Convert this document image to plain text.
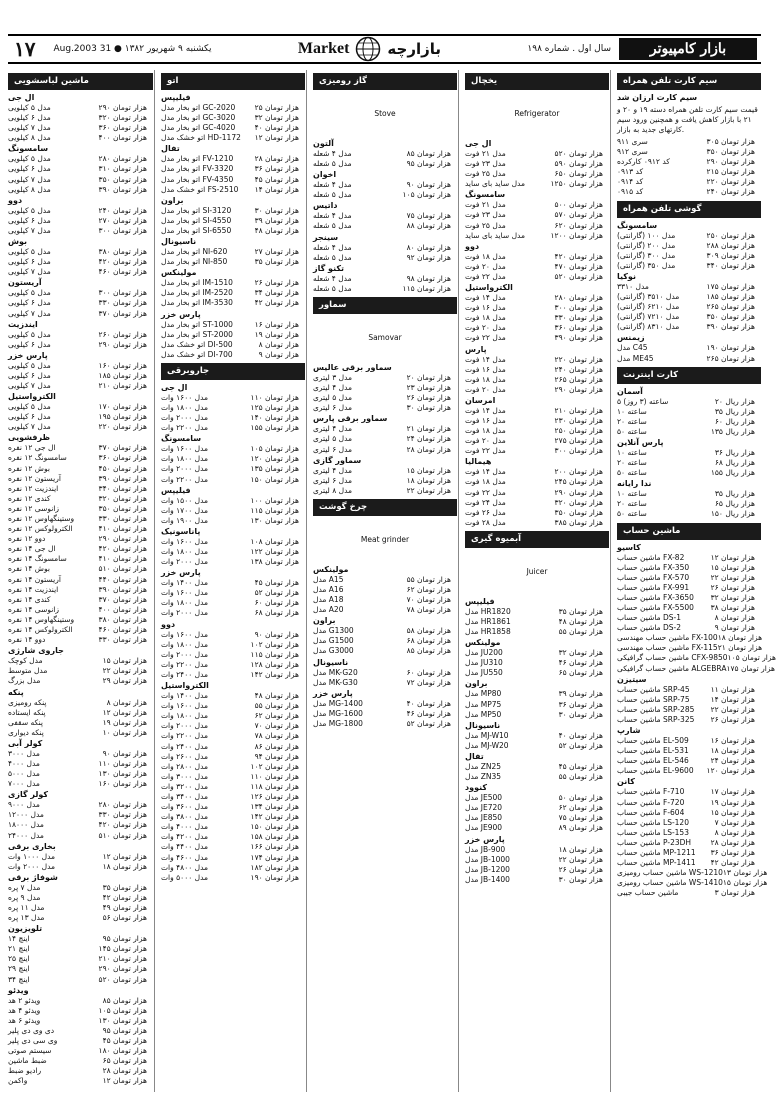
بازار کامپیوتر
سال اول . شماره ۱۹۸
Market	بازارچه
یکشنبه ۹ شهریور ۱۳۸۲ ● 31 Aug.2003
۱۷
سیم کارت تلفن همراه
سیم کارت ارزان شد
قیمت سیم کارت تلفن همراه دسته ۱۹ و ۲۰ و ۲۱ با بازار کاهش یافت و همچنین ورود سیم کارتهای جدید به بازار.
سری ۹۱۱	۳۰۵ هزار تومان
سری ۹۱۲	۳۵۰ هزار تومان
کد ۰۹۱۲ کارکرده	۲۹۰ هزار تومان
کد ۰۹۱۳	۲۱۵ هزار تومان
کد ۰۹۱۴	۲۲۰ هزار تومان
کد ۰۹۱۵	۲۴۰ هزار تومان
گوشی تلفن همراه
سامسونگ
مدل ۱۰۰ (گارانتی)	۲۵۰ هزار تومان
مدل ۲۰۰ (گارانتی)	۲۸۸ هزار تومان
مدل ۳۰۰ (گارانتی)	۳۰۹ هزار تومان
مدل ۳۵۰ (گارانتی)	۳۴۰ هزار تومان
نوکیا
مدل ۳۳۱۰	۱۷۵ هزار تومان
مدل ۳۵۱۰ (گارانتی)	۱۸۵ هزار تومان
مدل ۶۲۱۰ (گارانتی)	۲۶۵ هزار تومان
مدل ۷۲۱۰ (گارانتی)	۳۵۰ هزار تومان
مدل ۸۳۱۰ (گارانتی)	۳۹۰ هزار تومان
زیمنس
مدل C45	۱۹۰ هزار تومان
مدل ME45	۲۶۵ هزار تومان
کارت اینترنت
آسمان
۵ ساعته (۳ روز)	۲۰ هزار ریال
۱۰ ساعته	۳۵ هزار ریال
۲۰ ساعته	۶۰ هزار ریال
۵۰ ساعته	۱۳۵ هزار ریال
پارس آنلاین
۱۰ ساعته	۳۶ هزار ریال
۲۰ ساعته	۶۸ هزار ریال
۵۰ ساعته	۱۵۵ هزار ریال
ندا رایانه
۱۰ ساعته	۳۵ هزار ریال
۲۰ ساعته	۶۵ هزار ریال
۵۰ ساعته	۱۵۰ هزار ریال
ماشین حساب
کاسیو
ماشین حساب FX-82	۱۲ هزار تومان
ماشین حساب FX-350	۱۵ هزار تومان
ماشین حساب FX-570	۲۲ هزار تومان
ماشین حساب FX-991	۲۶ هزار تومان
ماشین حساب FX-3650 ۳۲ هزار تومان
ماشین حساب FX-5500 ۳۸ هزار تومان
ماشین حساب DS-1	۸ هزار تومان
ماشین حساب DS-2	۹ هزار تومان
ماشین حساب مهندسی FX-100 ۱۸ هزار تومان
ماشین حساب مهندسی FX-115 ۲۱ هزار تومان
ماشین حساب گرافیکی CFX-9850 ۱۰۵ هزار تومان
ماشین حساب گرافیکی ALGEBRA ۱۷۵ هزار تومان
سیتیزن
ماشین حساب SRP-45	۱۱ هزار تومان
ماشین حساب SRP-75	۱۴ هزار تومان
ماشین حساب SRP-285 ۲۲ هزار تومان
ماشین حساب SRP-325 ۲۶ هزار تومان
شارپ
ماشین حساب EL-509	۱۶ هزار تومان
ماشین حساب EL-531	۱۸ هزار تومان
ماشین حساب EL-546	۲۴ هزار تومان
ماشین حساب EL-9600 ۱۲۰ هزار تومان
کانن
ماشین حساب F-710	۱۷ هزار تومان
ماشین حساب F-720	۱۹ هزار تومان
ماشین حساب F-604	۱۵ هزار تومان
ماشین حساب LS-120	۷ هزار تومان
ماشین حساب LS-153	۸ هزار تومان
ماشین حساب P-23DH	۲۸ هزار تومان
ماشین حساب MP-1211 ۳۶ هزار تومان
ماشین حساب MP-1411 ۴۲ هزار تومان
ماشین حساب رومیزی WS-1210 ۱۳ هزار تومان
ماشین حساب رومیزی WS-1410 ۱۵ هزار تومان
ماشین حساب جیبی	۳ هزار تومان
یخچال
Refrigerator
ال جی
مدل ۲۱ فوت	۵۲۰ هزار تومان
مدل ۲۳ فوت	۵۹۰ هزار تومان
مدل ۲۵ فوت	۶۵۰ هزار تومان
مدل ساید بای ساید	۱۲۵۰ هزار تومان
سامسونگ
مدل ۲۱ فوت	۵۰۰ هزار تومان
مدل ۲۳ فوت	۵۷۰ هزار تومان
مدل ۲۵ فوت	۶۲۰ هزار تومان
مدل ساید بای ساید	۱۲۰۰ هزار تومان
دوو
مدل ۱۸ فوت	۴۲۰ هزار تومان
مدل ۲۰ فوت	۴۷۰ هزار تومان
مدل ۲۲ فوت	۵۲۰ هزار تومان
الکترواستیل
مدل ۱۴ فوت	۲۸۰ هزار تومان
مدل ۱۶ فوت	۳۰۰ هزار تومان
مدل ۱۸ فوت	۳۳۰ هزار تومان
مدل ۲۰ فوت	۳۶۰ هزار تومان
مدل ۲۲ فوت	۳۹۰ هزار تومان
پارس
مدل ۱۴ فوت	۲۲۰ هزار تومان
مدل ۱۶ فوت	۲۴۰ هزار تومان
مدل ۱۸ فوت	۲۶۵ هزار تومان
مدل ۲۰ فوت	۲۹۰ هزار تومان
امرسان
مدل ۱۴ فوت	۲۱۰ هزار تومان
مدل ۱۶ فوت	۲۳۰ هزار تومان
مدل ۱۸ فوت	۲۵۰ هزار تومان
مدل ۲۰ فوت	۲۷۵ هزار تومان
مدل ۲۲ فوت	۳۰۰ هزار تومان
هیمالیا
مدل ۱۴ فوت	۲۰۰ هزار تومان
مدل ۱۸ فوت	۲۴۵ هزار تومان
مدل ۲۲ فوت	۲۹۰ هزار تومان
مدل ۲۴ فوت	۳۲۰ هزار تومان
مدل ۲۶ فوت	۳۵۰ هزار تومان
مدل ۲۸ فوت	۳۸۵ هزار تومان
آبمیوه گیری
Juicer
فیلیپس
مدل HR1820	۳۵ هزار تومان
مدل HR1861	۴۸ هزار تومان
مدل HR1858	۵۵ هزار تومان
مولینکس
مدل JU200	۳۲ هزار تومان
مدل JU310	۴۶ هزار تومان
مدل JU550	۶۵ هزار تومان
براون
مدل MP80	۳۹ هزار تومان
مدل MP75	۳۶ هزار تومان
مدل MP50	۳۰ هزار تومان
ناسیونال
مدل MJ-W10	۴۰ هزار تومان
مدل MJ-W20	۵۲ هزار تومان
تفال
مدل ZN25	۴۵ هزار تومان
مدل ZN35	۵۵ هزار تومان
کنوود
مدل JE500	۵۰ هزار تومان
مدل JE720	۶۲ هزار تومان
مدل JE850	۷۵ هزار تومان
مدل JE900	۸۹ هزار تومان
پارس خزر
مدل JB-900	۱۸ هزار تومان
مدل JB-1000	۲۲ هزار تومان
مدل JB-1200	۲۶ هزار تومان
مدل JB-1400	۳۰ هزار تومان
گاز رومیزی
Stove
آلتون
مدل ۴ شعله	۸۵ هزار تومان
مدل ۵ شعله	۹۵ هزار تومان
اخوان
مدل ۴ شعله	۹۰ هزار تومان
مدل ۵ شعله	۱۰۵ هزار تومان
داتیس
مدل ۴ شعله	۷۵ هزار تومان
مدل ۵ شعله	۸۸ هزار تومان
سینجر
مدل ۴ شعله	۸۰ هزار تومان
مدل ۵ شعله	۹۲ هزار تومان
تکنو گاز
مدل ۴ شعله	۹۸ هزار تومان
مدل ۵ شعله	۱۱۵ هزار تومان
سماور
Samovar
سماور برقی عالیس
مدل ۳ لیتری	۲۰ هزار تومان
مدل ۴ لیتری	۲۳ هزار تومان
مدل ۵ لیتری	۲۶ هزار تومان
مدل ۶ لیتری	۳۰ هزار تومان
سماور برقی پارس
مدل ۴ لیتری	۲۱ هزار تومان
مدل ۵ لیتری	۲۴ هزار تومان
مدل ۶ لیتری	۲۸ هزار تومان
سماور گازی
مدل ۴ لیتری	۱۵ هزار تومان
مدل ۶ لیتری	۱۸ هزار تومان
مدل ۸ لیتری	۲۲ هزار تومان
چرخ گوشت
Meat grinder
مولینکس
مدل A15	۵۵ هزار تومان
مدل A16	۶۲ هزار تومان
مدل A18	۷۰ هزار تومان
مدل A20	۷۸ هزار تومان
براون
مدل G1300	۵۸ هزار تومان
مدل G1500	۶۸ هزار تومان
مدل G3000	۸۵ هزار تومان
ناسیونال
مدل MK-G20	۶۰ هزار تومان
مدل MK-G30	۷۲ هزار تومان
پارس خزر
مدل MG-1400	۴۰ هزار تومان
مدل MG-1600	۴۶ هزار تومان
مدل MG-1800	۵۲ هزار تومان
اتو
فیلیپس
اتو بخار مدل GC-2020	۲۵ هزار تومان
اتو بخار مدل GC-3020	۳۲ هزار تومان
اتو بخار مدل GC-4020	۴۰ هزار تومان
اتو خشک مدل HD-1172 ۱۲ هزار تومان
تفال
اتو بخار مدل FV-1210	۲۸ هزار تومان
اتو بخار مدل FV-3320	۳۶ هزار تومان
اتو بخار مدل FV-4350	۴۵ هزار تومان
اتو خشک مدل FS-2510 ۱۴ هزار تومان
براون
اتو بخار مدل SI-3120	۳۰ هزار تومان
اتو بخار مدل SI-4550	۳۹ هزار تومان
اتو بخار مدل SI-6550	۴۸ هزار تومان
ناسیونال
اتو بخار مدل NI-620	۲۷ هزار تومان
اتو بخار مدل NI-850	۳۵ هزار تومان
مولینکس
اتو بخار مدل IM-1510	۲۶ هزار تومان
اتو بخار مدل IM-2520	۳۴ هزار تومان
اتو بخار مدل IM-3530	۴۲ هزار تومان
پارس خزر
اتو بخار مدل ST-1000	۱۶ هزار تومان
اتو بخار مدل ST-2000	۱۹ هزار تومان
اتو خشک مدل DI-500	۸ هزار تومان
اتو خشک مدل DI-700	۹ هزار تومان
جاروبرقی
ال جی
مدل ۱۶۰۰ وات	۱۱۰ هزار تومان
مدل ۱۸۰۰ وات	۱۲۵ هزار تومان
مدل ۲۰۰۰ وات	۱۴۰ هزار تومان
مدل ۲۲۰۰ وات	۱۵۵ هزار تومان
سامسونگ
مدل ۱۶۰۰ وات	۱۰۵ هزار تومان
مدل ۱۸۰۰ وات	۱۲۰ هزار تومان
مدل ۲۰۰۰ وات	۱۳۵ هزار تومان
مدل ۲۲۰۰ وات	۱۵۰ هزار تومان
فیلیپس
مدل ۱۵۰۰ وات	۱۰۰ هزار تومان
مدل ۱۷۰۰ وات	۱۱۵ هزار تومان
مدل ۱۹۰۰ وات	۱۳۰ هزار تومان
پاناسونیک
مدل ۱۶۰۰ وات	۱۰۸ هزار تومان
مدل ۱۸۰۰ وات	۱۲۲ هزار تومان
مدل ۲۰۰۰ وات	۱۳۸ هزار تومان
پارس خزر
مدل ۱۴۰۰ وات	۴۵ هزار تومان
مدل ۱۶۰۰ وات	۵۲ هزار تومان
مدل ۱۸۰۰ وات	۶۰ هزار تومان
مدل ۲۰۰۰ وات	۶۸ هزار تومان
دوو
مدل ۱۶۰۰ وات	۹۰ هزار تومان
مدل ۱۸۰۰ وات	۱۰۲ هزار تومان
مدل ۲۰۰۰ وات	۱۱۵ هزار تومان
مدل ۲۲۰۰ وات	۱۲۸ هزار تومان
مدل ۲۴۰۰ وات	۱۴۲ هزار تومان
الکترواستیل
مدل ۱۴۰۰ وات	۴۸ هزار تومان
مدل ۱۶۰۰ وات	۵۵ هزار تومان
مدل ۱۸۰۰ وات	۶۲ هزار تومان
مدل ۲۰۰۰ وات	۷۰ هزار تومان
مدل ۲۲۰۰ وات	۷۸ هزار تومان
مدل ۲۴۰۰ وات	۸۶ هزار تومان
مدل ۲۶۰۰ وات	۹۴ هزار تومان
مدل ۲۸۰۰ وات	۱۰۲ هزار تومان
مدل ۳۰۰۰ وات	۱۱۰ هزار تومان
مدل ۳۲۰۰ وات	۱۱۸ هزار تومان
مدل ۳۴۰۰ وات	۱۲۶ هزار تومان
مدل ۳۶۰۰ وات	۱۳۴ هزار تومان
مدل ۳۸۰۰ وات	۱۴۲ هزار تومان
مدل ۴۰۰۰ وات	۱۵۰ هزار تومان
مدل ۴۲۰۰ وات	۱۵۸ هزار تومان
مدل ۴۴۰۰ وات	۱۶۶ هزار تومان
مدل ۴۶۰۰ وات	۱۷۴ هزار تومان
مدل ۴۸۰۰ وات	۱۸۲ هزار تومان
مدل ۵۰۰۰ وات	۱۹۰ هزار تومان
ماشین لباسشویی
ال جی
مدل ۵ کیلویی	۲۹۰ هزار تومان
مدل ۶ کیلویی	۳۲۰ هزار تومان
مدل ۷ کیلویی	۳۶۰ هزار تومان
مدل ۸ کیلویی	۴۰۰ هزار تومان
سامسونگ
مدل ۵ کیلویی	۲۸۰ هزار تومان
مدل ۶ کیلویی	۳۱۰ هزار تومان
مدل ۷ کیلویی	۳۵۰ هزار تومان
مدل ۸ کیلویی	۳۹۰ هزار تومان
دوو
مدل ۵ کیلویی	۲۴۰ هزار تومان
مدل ۶ کیلویی	۲۷۰ هزار تومان
مدل ۷ کیلویی	۳۰۰ هزار تومان
بوش
مدل ۵ کیلویی	۳۸۰ هزار تومان
مدل ۶ کیلویی	۴۲۰ هزار تومان
مدل ۷ کیلویی	۴۶۰ هزار تومان
آریستون
مدل ۵ کیلویی	۳۰۰ هزار تومان
مدل ۶ کیلویی	۳۳۰ هزار تومان
مدل ۷ کیلویی	۳۷۰ هزار تومان
ایندزیت
مدل ۵ کیلویی	۲۶۰ هزار تومان
مدل ۶ کیلویی	۲۹۰ هزار تومان
پارس خزر
مدل ۵ کیلویی	۱۶۰ هزار تومان
مدل ۶ کیلویی	۱۸۵ هزار تومان
مدل ۷ کیلویی	۲۱۰ هزار تومان
الکترواستیل
مدل ۵ کیلویی	۱۷۰ هزار تومان
مدل ۶ کیلویی	۱۹۵ هزار تومان
مدل ۷ کیلویی	۲۲۰ هزار تومان
ظرفشویی
ال جی ۱۲ نفره	۳۷۰ هزار تومان
سامسونگ ۱۲ نفره	۳۶۰ هزار تومان
بوش ۱۲ نفره	۴۵۰ هزار تومان
آریستون ۱۲ نفره	۳۹۰ هزار تومان
ایندزیت ۱۲ نفره	۳۴۰ هزار تومان
کندی ۱۲ نفره	۳۲۰ هزار تومان
زانوسی ۱۲ نفره	۳۵۰ هزار تومان
وستینگهاوس ۱۲ نفره	۳۳۰ هزار تومان
الکترولوکس ۱۲ نفره	۴۱۰ هزار تومان
دوو ۱۲ نفره	۲۹۰ هزار تومان
ال جی ۱۴ نفره	۴۲۰ هزار تومان
سامسونگ ۱۴ نفره	۴۱۰ هزار تومان
بوش ۱۴ نفره	۵۱۰ هزار تومان
آریستون ۱۴ نفره	۴۴۰ هزار تومان
ایندزیت ۱۴ نفره	۳۹۰ هزار تومان
کندی ۱۴ نفره	۳۷۰ هزار تومان
زانوسی ۱۴ نفره	۴۰۰ هزار تومان
وستینگهاوس ۱۴ نفره	۳۸۰ هزار تومان
الکترولوکس ۱۴ نفره	۴۶۰ هزار تومان
دوو ۱۴ نفره	۳۳۰ هزار تومان
جاروی شارژی
مدل کوچک	۱۵ هزار تومان
مدل متوسط	۲۲ هزار تومان
مدل بزرگ	۲۹ هزار تومان
پنکه
پنکه رومیزی	۸ هزار تومان
پنکه ایستاده	۱۲ هزار تومان
پنکه سقفی	۱۹ هزار تومان
پنکه دیواری	۱۰ هزار تومان
کولر آبی
مدل ۳۰۰۰	۹۰ هزار تومان
مدل ۴۰۰۰	۱۱۰ هزار تومان
مدل ۵۰۰۰	۱۳۰ هزار تومان
مدل ۷۰۰۰	۱۶۰ هزار تومان
کولر گازی
مدل ۹۰۰۰	۲۸۰ هزار تومان
مدل ۱۲۰۰۰	۳۳۰ هزار تومان
مدل ۱۸۰۰۰	۴۲۰ هزار تومان
مدل ۲۴۰۰۰	۵۱۰ هزار تومان
بخاری برقی
مدل ۱۰۰۰ وات	۱۲ هزار تومان
مدل ۲۰۰۰ وات	۱۸ هزار تومان
شوفاژ برقی
مدل ۷ پره	۳۵ هزار تومان
مدل ۹ پره	۴۲ هزار تومان
مدل ۱۱ پره	۴۹ هزار تومان
مدل ۱۳ پره	۵۶ هزار تومان
تلویزیون
۱۴ اینچ	۹۵ هزار تومان
۲۱ اینچ	۱۴۵ هزار تومان
۲۵ اینچ	۲۱۰ هزار تومان
۲۹ اینچ	۲۹۰ هزار تومان
۳۴ اینچ	۵۲۰ هزار تومان
ویدئو
ویدئو ۲ هد	۸۵ هزار تومان
ویدئو ۴ هد	۱۰۵ هزار تومان
ویدئو ۶ هد	۱۳۰ هزار تومان
دی وی دی پلیر	۹۵ هزار تومان
وی سی دی پلیر	۴۵ هزار تومان
سیستم صوتی	۱۸۰ هزار تومان
ضبط ماشین	۶۵ هزار تومان
رادیو ضبط	۲۸ هزار تومان
واکمن	۱۲ هزار تومان
